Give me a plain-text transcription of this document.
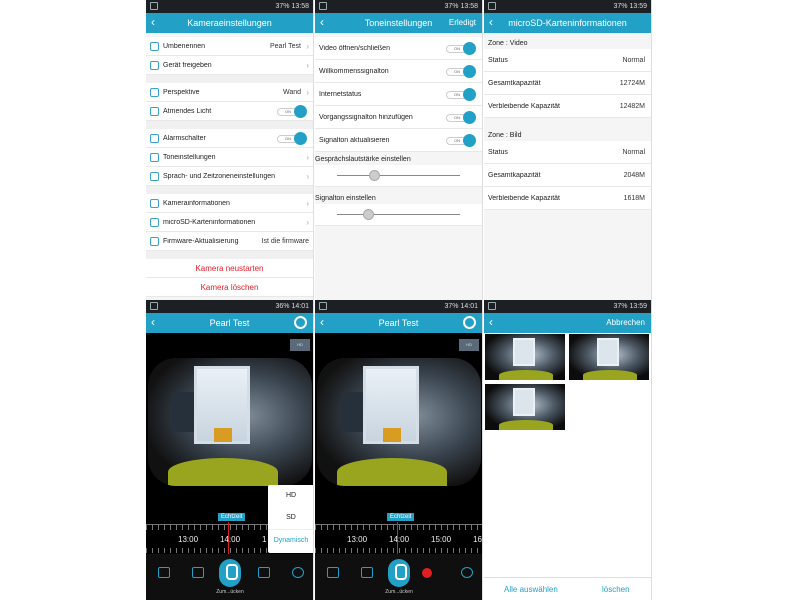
37% 13:58
‹	Kameraeinstellungen
Umbenennen	Pearl Test ›
Gerät freigeben	›
Perspektive	Wand ›
Atmendes Licht	ON
Alarmschalter	ON
Toneinstellungen	›
Sprach- und Zeitzoneneinstellungen	›
Kamerainformationen	›
microSD-Karteninformationen	›
Firmware-Aktualisierung	Ist die firmware
Kamera neustarten
Kamera löschen
37% 13:58
‹	Toneinstellungen	Erledigt
Video öffnen/schließen	ON
Willkommenssignalton	ON
Internetstatus	ON
Vorgangssignalton hinzufügen	ON
Signalton aktualisieren	ON
Gesprächslautstärke einstellen
Signalton einstellen
37% 13:59
‹	microSD-Karteninformationen
Zone : Video
Status	Normal
Gesamtkapazität	12724M
Verbleibende Kapazität	12482M
Zone : Bild
Status	Normal
Gesamtkapazität	2048M
Verbleibende Kapazität	1618M
36% 14:01
‹	Pearl Test
HD
Echtzeit
13:00	14:00	1
Zum...ücken
HD
SD
Dynamisch
37% 14:01
‹	Pearl Test
HD
Echtzeit
13:00	14:00	15:00	16
Zum...ücken
37% 13:59
‹	Abbrechen
Alle auswählen	löschen
